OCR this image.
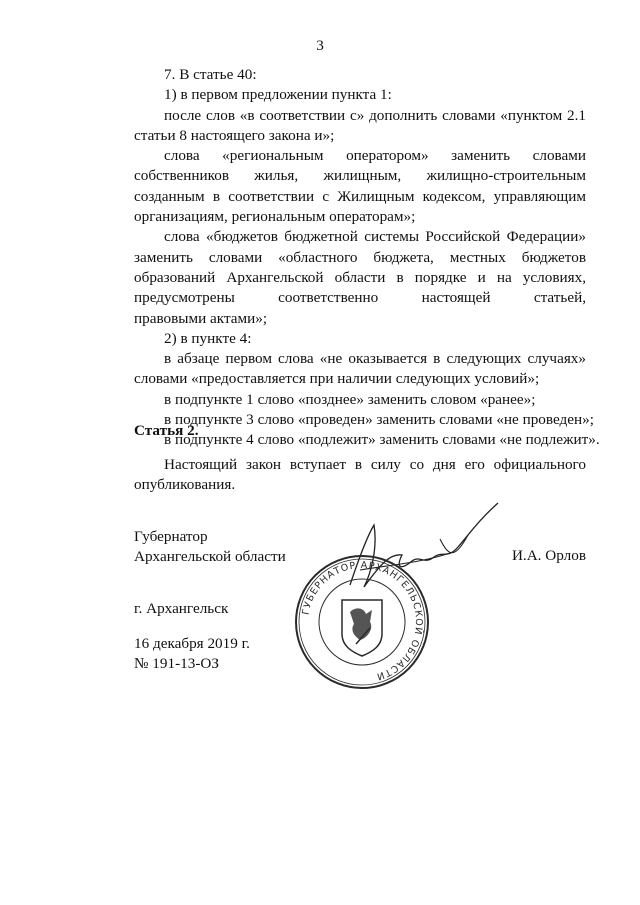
3
7. В статье 40:
1) в первом предложении пункта 1:
после слов «в соответствии с» дополнить словами «пунктом 2.1
статьи 8 настоящего закона и»;
слова «региональным оператором» заменить словами
собственников жилья, жилищным, жилищно-строительным
созданным в соответствии с Жилищным кодексом, управляющим
организациям, региональным операторам»;
слова «бюджетов бюджетной системы Российской Федерации»
заменить словами «областного бюджета, местных бюджетов
образований Архангельской области в порядке и на условиях,
предусмотрены соответственно настоящей статьей,
правовыми актами»;
2) в пункте 4:
в абзаце первом слова «не оказывается в следующих случаях»
словами «предоставляется при наличии следующих условий»;
в подпункте 1 слово «позднее» заменить словом «ранее»;
в подпункте 3 слово «проведен» заменить словами «не проведен»;
в подпункте 4 слово «подлежит» заменить словами «не подлежит».
Статья 2.
Настоящий закон вступает в силу со дня его официального
опубликования.
Губернатор
Архангельской области	И.А. Орлов
ГУБЕРНАТОР АРХАНГЕЛЬСКОЙ ОБЛАСТИ
г. Архангельск
16 декабря 2019 г.
№ 191-13-ОЗ
